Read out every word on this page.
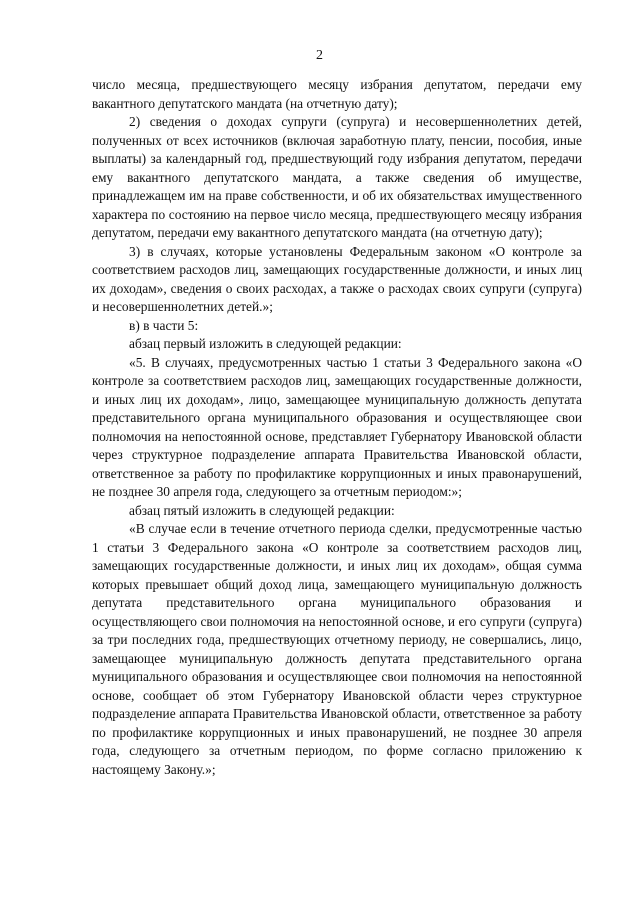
2

число месяца, предшествующего месяцу избрания депутатом, передачи ему вакантного депутатского мандата (на отчетную дату);

2) сведения о доходах супруги (супруга) и несовершеннолетних детей, полученных от всех источников (включая заработную плату, пенсии, пособия, иные выплаты) за календарный год, предшествующий году избрания депутатом, передачи ему вакантного депутатского мандата, а также сведения об имуществе, принадлежащем им на праве собственности, и об их обязательствах имущественного характера по состоянию на первое число месяца, предшествующего месяцу избрания депутатом, передачи ему вакантного депутатского мандата (на отчетную дату);

3) в случаях, которые установлены Федеральным законом «О контроле за соответствием расходов лиц, замещающих государственные должности, и иных лиц их доходам», сведения о своих расходах, а также о расходах своих супруги (супруга) и несовершеннолетних детей.»;

в) в части 5:

абзац первый изложить в следующей редакции:

«5. В случаях, предусмотренных частью 1 статьи 3 Федерального закона «О контроле за соответствием расходов лиц, замещающих государственные должности, и иных лиц их доходам», лицо, замещающее муниципальную должность депутата представительного органа муниципального образования и осуществляющее свои полномочия на непостоянной основе, представляет Губернатору Ивановской области через структурное подразделение аппарата Правительства Ивановской области, ответственное за работу по профилактике коррупционных и иных правонарушений, не позднее 30 апреля года, следующего за отчетным периодом:»;

абзац пятый изложить в следующей редакции:

«В случае если в течение отчетного периода сделки, предусмотренные частью 1 статьи 3 Федерального закона «О контроле за соответствием расходов лиц, замещающих государственные должности, и иных лиц их доходам», общая сумма которых превышает общий доход лица, замещающего муниципальную должность депутата представительного органа муниципального образования и осуществляющего свои полномочия на непостоянной основе, и его супруги (супруга) за три последних года, предшествующих отчетному периоду, не совершались, лицо, замещающее муниципальную должность депутата представительного органа муниципального образования и осуществляющее свои полномочия на непостоянной основе, сообщает об этом Губернатору Ивановской области через структурное подразделение аппарата Правительства Ивановской области, ответственное за работу по профилактике коррупционных и иных правонарушений, не позднее 30 апреля года, следующего за отчетным периодом, по форме согласно приложению к настоящему Закону.»;
